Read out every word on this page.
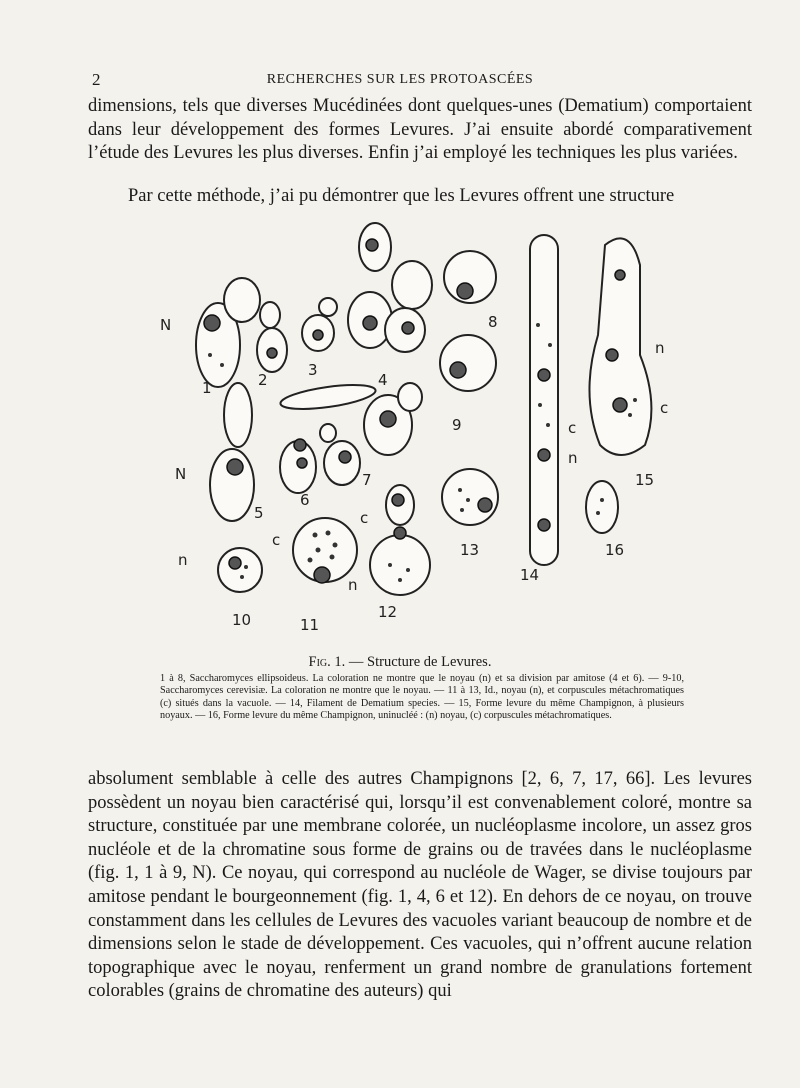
2	RECHERCHES SUR LES PROTOASCÉES
dimensions, tels que diverses Mucédinées dont quelques-unes (Dematium) comportaient dans leur développement des formes Levures. J’ai ensuite abordé comparativement l’étude des Levures les plus diverses. Enfin j’ai employé les techniques les plus variées.
Par cette méthode, j’ai pu démontrer que les Levures offrent une structure
N
1	2
3
4
5
N
6
7
8
9
10	11
12
13
14
15
16
n
c
c
n
c
n
n
c
Fig. 1. — Structure de Levures.
1 à 8, Saccharomyces ellipsoideus. La coloration ne montre que le noyau (n) et sa division par amitose (4 et 6). — 9-10, Saccharomyces cerevisiæ. La coloration ne montre que le noyau. — 11 à 13, Id., noyau (n), et corpuscules métachromatiques (c) situés dans la vacuole. — 14, Filament de Dematium species. — 15, Forme levure du même Champignon, à plusieurs noyaux. — 16, Forme levure du même Champignon, uninucléé : (n) noyau, (c) corpuscules métachromatiques.
absolument semblable à celle des autres Champignons [2, 6, 7, 17, 66]. Les levures possèdent un noyau bien caractérisé qui, lorsqu’il est convenablement coloré, montre sa structure, constituée par une membrane colorée, un nucléoplasme incolore, un assez gros nucléole et de la chromatine sous forme de grains ou de travées dans le nucléoplasme (fig. 1, 1 à 9, N). Ce noyau, qui correspond au nucléole de Wager, se divise toujours par amitose pendant le bourgeonnement (fig. 1, 4, 6 et 12). En dehors de ce noyau, on trouve constamment dans les cellules de Levures des vacuoles variant beaucoup de nombre et de dimensions selon le stade de développement. Ces vacuoles, qui n’offrent aucune relation topographique avec le noyau, renferment un grand nombre de granulations fortement colorables (grains de chromatine des auteurs) qui
